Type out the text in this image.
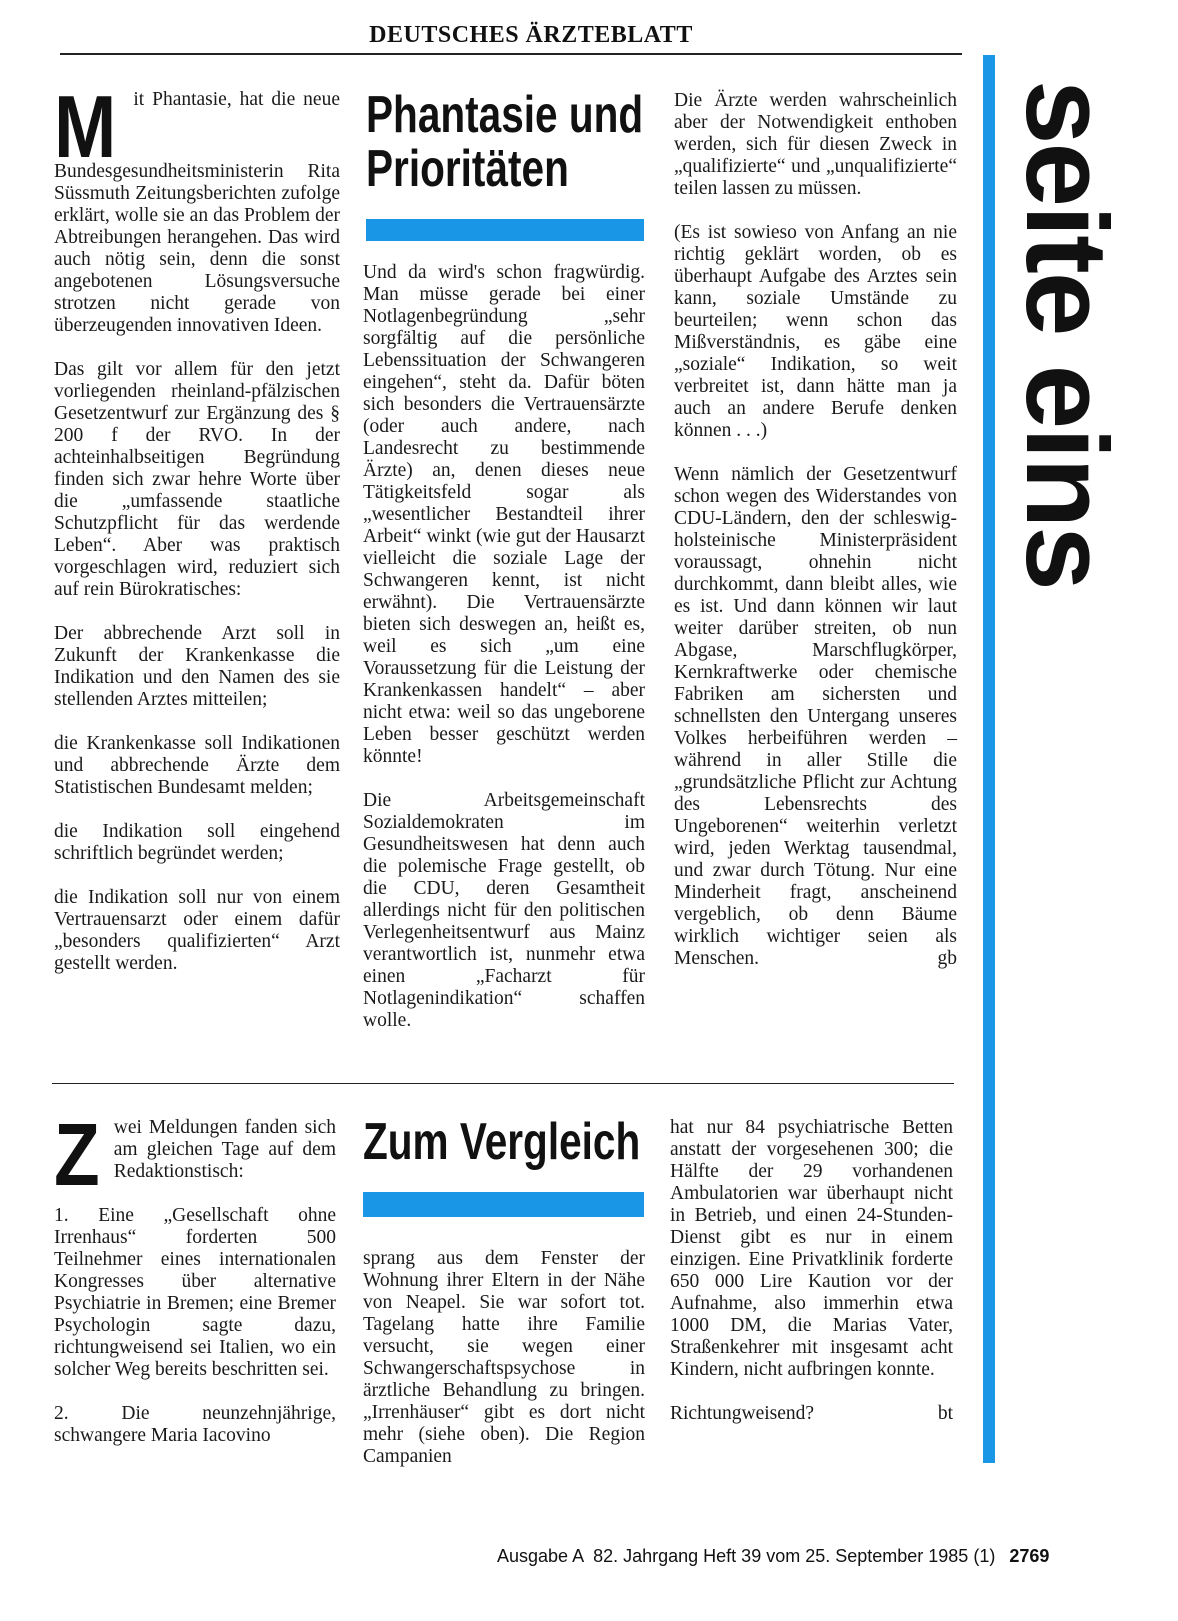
DEUTSCHES ÄRZTEBLATT
seite eins

Mit Phantasie, hat die neue Bundesgesundheitsministerin Rita Süssmuth Zeitungsberichten zufolge erklärt, wolle sie an das Problem der Abtreibungen herangehen. Das wird auch nötig sein, denn die sonst angebotenen Lösungsversuche strotzen nicht gerade von überzeugenden innovativen Ideen.

Das gilt vor allem für den jetzt vorliegenden rheinland-pfälzischen Gesetzentwurf zur Ergänzung des § 200 f der RVO. In der achteinhalbseitigen Begründung finden sich zwar hehre Worte über die „umfassende staatliche Schutzpflicht für das werdende Leben“. Aber was praktisch vorgeschlagen wird, reduziert sich auf rein Bürokratisches:

Der abbrechende Arzt soll in Zukunft der Krankenkasse die Indikation und den Namen des sie stellenden Arztes mitteilen;

die Krankenkasse soll Indikationen und abbrechende Ärzte dem Statistischen Bundesamt melden;

die Indikation soll eingehend schriftlich begründet werden;

die Indikation soll nur von einem Vertrauensarzt oder einem dafür „besonders qualifizierten“ Arzt gestellt werden.

Phantasie und
Prioritäten

Und da wird's schon fragwürdig. Man müsse gerade bei einer Notlagenbegründung „sehr sorgfältig auf die persönliche Lebenssituation der Schwangeren eingehen“, steht da. Dafür böten sich besonders die Vertrauensärzte (oder auch andere, nach Landesrecht zu bestimmende Ärzte) an, denen dieses neue Tätigkeitsfeld sogar als „wesentlicher Bestandteil ihrer Arbeit“ winkt (wie gut der Hausarzt vielleicht die soziale Lage der Schwangeren kennt, ist nicht erwähnt). Die Vertrauensärzte bieten sich deswegen an, heißt es, weil es sich „um eine Voraussetzung für die Leistung der Krankenkassen handelt“ – aber nicht etwa: weil so das ungeborene Leben besser geschützt werden könnte!

Die Arbeitsgemeinschaft Sozialdemokraten im Gesundheitswesen hat denn auch die polemische Frage gestellt, ob die CDU, deren Gesamtheit allerdings nicht für den politischen Verlegenheitsentwurf aus Mainz verantwortlich ist, nunmehr etwa einen „Facharzt für Notlagenindikation“ schaffen wolle.

Die Ärzte werden wahrscheinlich aber der Notwendigkeit enthoben werden, sich für diesen Zweck in „qualifizierte“ und „unqualifizierte“ teilen lassen zu müssen.

(Es ist sowieso von Anfang an nie richtig geklärt worden, ob es überhaupt Aufgabe des Arztes sein kann, soziale Umstände zu beurteilen; wenn schon das Mißverständnis, es gäbe eine „soziale“ Indikation, so weit verbreitet ist, dann hätte man ja auch an andere Berufe denken können . . .)

Wenn nämlich der Gesetzentwurf schon wegen des Widerstandes von CDU-Ländern, den der schleswig-holsteinische Ministerpräsident voraussagt, ohnehin nicht durchkommt, dann bleibt alles, wie es ist. Und dann können wir laut weiter darüber streiten, ob nun Abgase, Marschflugkörper, Kernkraftwerke oder chemische Fabriken am sichersten und schnellsten den Untergang unseres Volkes herbeiführen werden – während in aller Stille die „grundsätzliche Pflicht zur Achtung des Lebensrechts des Ungeborenen“ weiterhin verletzt wird, jeden Werktag tausendmal, und zwar durch Tötung. Nur eine Minderheit fragt, anscheinend vergeblich, ob denn Bäume wirklich wichtiger seien als Menschen.	gb

Zwei Meldungen fanden sich am gleichen Tage auf dem Redaktionstisch:

1. Eine „Gesellschaft ohne Irrenhaus“ forderten 500 Teilnehmer eines internationalen Kongresses über alternative Psychiatrie in Bremen; eine Bremer Psychologin sagte dazu, richtungweisend sei Italien, wo ein solcher Weg bereits beschritten sei.

2. Die neunzehnjährige, schwangere Maria Iacovino

Zum Vergleich

sprang aus dem Fenster der Wohnung ihrer Eltern in der Nähe von Neapel. Sie war sofort tot. Tagelang hatte ihre Familie versucht, sie wegen einer Schwangerschaftspsychose in ärztliche Behandlung zu bringen. „Irrenhäuser“ gibt es dort nicht mehr (siehe oben). Die Region Campanien

hat nur 84 psychiatrische Betten anstatt der vorgesehenen 300; die Hälfte der 29 vorhandenen Ambulatorien war überhaupt nicht in Betrieb, und einen 24-Stunden-Dienst gibt es nur in einem einzigen. Eine Privatklinik forderte 650 000 Lire Kaution vor der Aufnahme, also immerhin etwa 1000 DM, die Marias Vater, Straßenkehrer mit insgesamt acht Kindern, nicht aufbringen konnte.

Richtungweisend?	bt
Ausgabe A  82. Jahrgang Heft 39 vom 25. September 1985 (1) 2769
